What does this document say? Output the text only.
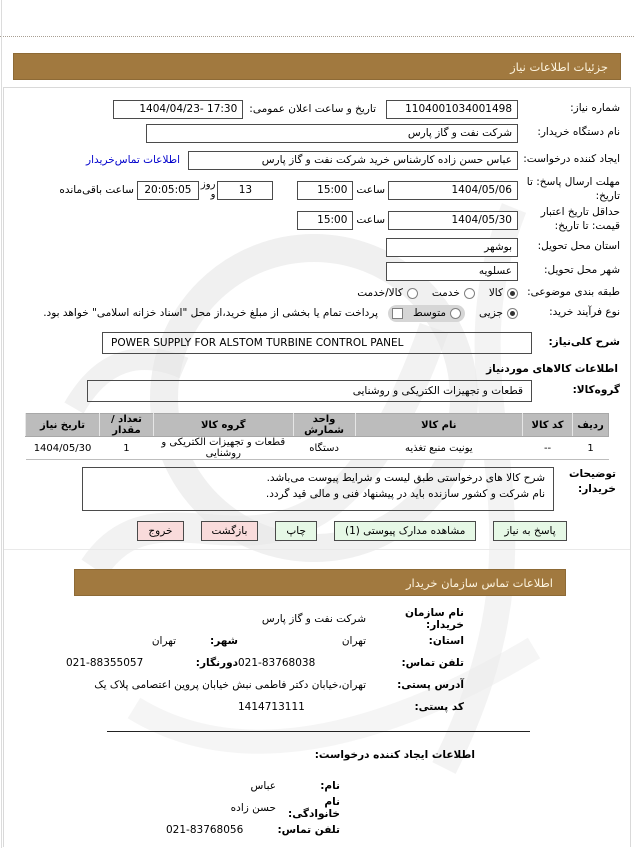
جزئیات اطلاعات نیاز
شماره نیاز:
1104001034001498
تاریخ و ساعت اعلان عمومی:
1404/04/23- 17:30
نام دستگاه خریدار:
شرکت نفت و گاز پارس
ایجاد کننده درخواست:
عباس حسن زاده کارشناس خرید شرکت نفت و گاز پارس
اطلاعات تماس‌خریدار
مهلت ارسال پاسخ: تا تاریخ:
1404/05/06
ساعت
15:00
13
روز
و
20:05:05
ساعت باقی‌مانده
حداقل تاریخ اعتبار قیمت: تا تاریخ:
1404/05/30
ساعت
15:00
استان محل تحویل:
بوشهر
شهر محل تحویل:
عسلویه
طبقه بندی موضوعی:
کالا
خدمت
کالا/خدمت
نوع فرآیند خرید:
جزیی
متوسط
پرداخت تمام یا بخشی از مبلغ خرید،از محل "اسناد خزانه اسلامی" خواهد بود.
شرح کلی‌نیاز:
POWER SUPPLY FOR ALSTOM TURBINE CONTROL PANEL
اطلاعات کالاهای موردنیاز
گروه‌کالا:
قطعات و تجهیزات الکتریکی و روشنایی
ردیف	کد کالا	نام کالا	واحد شمارش	گروه کالا	تعداد / مقدار	تاریخ نیاز
1	--	یونیت منبع تغذیه	دستگاه	قطعات و تجهیزات الکتریکی و روشنایی	1	1404/05/30
توضیحات
خریدار:
شرح کالا های درخواستی طبق لیست و شرایط پیوست می‌باشد.
نام شرکت و کشور سازنده باید در پیشنهاد فنی و مالی قید گردد.
پاسخ به نیاز
مشاهده مدارک پیوستی (1)
چاپ
بازگشت
خروج
اطلاعات تماس سازمان خریدار
نام سازمان خریدار:
شرکت نفت و گاز پارس
استان:
تهران
شهر:
تهران
تلفن تماس:
021-83768038
دورنگار:
021-88355057
آدرس پستی:
تهران،خیابان دکتر فاطمی نبش خیابان پروین اعتصامی پلاک یک
کد پستی:
1414713111
اطلاعات ایجاد کننده درخواست:
نام:
عباس
نام خانوادگی:
حسن زاده
تلفن تماس:
021-83768056
